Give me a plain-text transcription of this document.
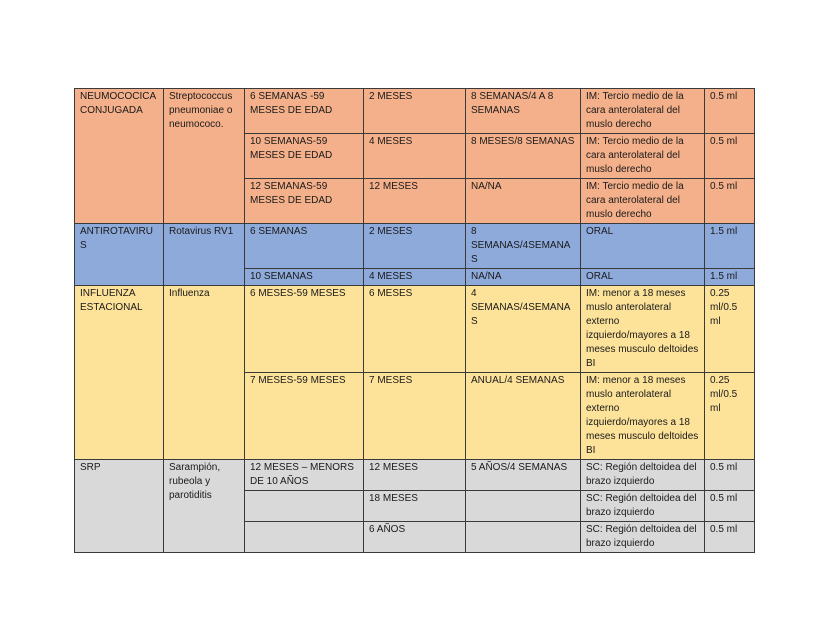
NEUMOCOCICA CONJUGADA	Streptococcus pneumoniae o neumococo.	6 SEMANAS -59 MESES DE EDAD	2 MESES	8 SEMANAS/4 A 8 SEMANAS	IM: Tercio medio de la cara anterolateral del muslo derecho	0.5 ml
		10 SEMANAS-59 MESES DE EDAD	4 MESES	8 MESES/8 SEMANAS	IM: Tercio medio de la cara anterolateral del muslo derecho	0.5 ml
		12 SEMANAS-59 MESES DE EDAD	12 MESES	NA/NA	IM: Tercio medio de la cara anterolateral del muslo derecho	0.5 ml
ANTIROTAVIRUS	Rotavirus RV1	6 SEMANAS	2 MESES	8 SEMANAS/4SEMANAS	ORAL	1.5 ml
		10 SEMANAS	4 MESES	NA/NA	ORAL	1.5 ml
INFLUENZA ESTACIONAL	Influenza	6 MESES-59 MESES	6 MESES	4 SEMANAS/4SEMANAS	IM: menor a 18 meses muslo anterolateral externo izquierdo/mayores a 18 meses musculo deltoides BI	0.25 ml/0.5 ml
		7 MESES-59 MESES	7 MESES	ANUAL/4 SEMANAS	IM: menor a 18 meses muslo anterolateral externo izquierdo/mayores a 18 meses musculo deltoides BI	0.25 ml/0.5 ml
SRP	Sarampión, rubeola y parotiditis	12 MESES – MENORS DE 10 AÑOS	12 MESES	5 AÑOS/4 SEMANAS	SC: Región deltoidea del brazo izquierdo	0.5 ml
			18 MESES		SC: Región deltoidea del brazo izquierdo	0.5 ml
			6 AÑOS		SC: Región deltoidea del brazo izquierdo	0.5 ml
